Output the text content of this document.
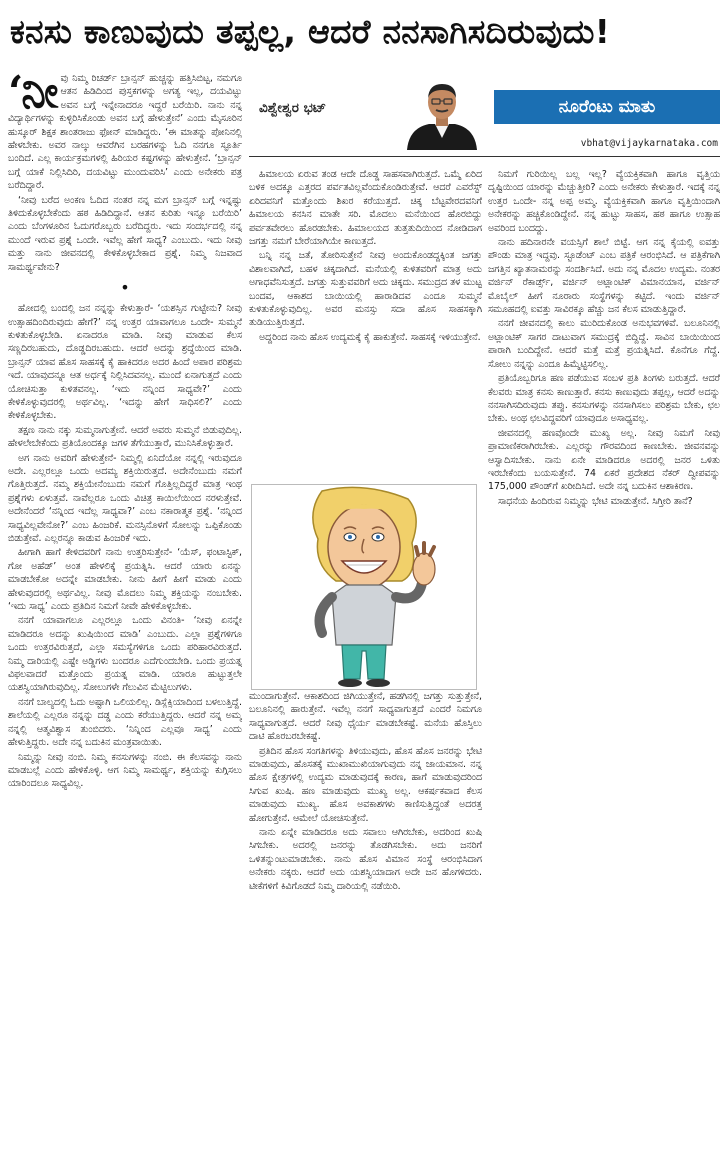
ಕನಸು ಕಾಣುವುದು ತಪ್ಪಲ್ಲ, ಆದರೆ ನನಸಾಗಿಸದಿರುವುದು!
‘ನೀ ವು ನಿಮ್ಮ ರಿಚರ್ಡ್ ಬ್ರಾನ್ಸನ್ ಹುಚ್ಚನ್ನು ಹತ್ತಿಸಿಬಿಟ್ಟ, ನಮಗೂ ಆತನ ಹಿಡಿದಿಂದ ಪುಸ್ತಕಗಳನ್ನು ಅಗತ್ಯ ಇಲ್ಲ, ದಯವಿಟ್ಟು ಅವನ ಬಗ್ಗೆ ಇನ್ನೇನಾದರೂ ಇದ್ದರೆ ಬರೆಯಿರಿ. ನಾನು ನನ್ನ ವಿದ್ಯಾರ್ಥಿಗಳನ್ನು ಕುಳ್ಳಿರಿಸಿಕೊಂಡು ಅವನ ಬಗ್ಗೆ ಹೇಳುತ್ತೇನೆ’ ಎಂದು ಮೈಸೂರಿನ ಹುಸ್ಕೂರ್ ಶಿಕ್ಷಕ ಶಾಂತರಾಜು ಫೋನ್ ಮಾಡಿದ್ದರು. ‘ಈ ಮಾತನ್ನು ಪೋನಿನಲ್ಲಿ ಹೇಳಬೇಕು. ಅವರ ನಾಲ್ಕು ಆವರೆಗಿನ ಬರಹಗಳನ್ನು ಓದಿ ನನಗೂ ಸ್ಫೂರ್ತಿ ಬಂದಿದೆ. ಎಲ್ಲ ಕಾರ್ಯಕ್ರಮಗಳಲ್ಲಿ ಹಿರಿಯರ ಕಷ್ಟಗಳನ್ನು ಹೇಳುತ್ತೇನೆ. ‘ಬ್ರಾನ್ಸನ್ ಬಗ್ಗೆ ಯಾಕೆ ನಿಲ್ಲಿಸಿದಿರಿ, ದಯವಿಟ್ಟು ಮುಂದುವರಿಸಿ’ ಎಂದು ಅನೇಕರು ಪತ್ರ ಬರೆದಿದ್ದಾರೆ.

‘ನೀವು ಬರೆದ ಅಂಕಣ ಓದಿದ ನಂತರ ನನ್ನ ಮಗ ಬ್ರಾನ್ಸನ್ ಬಗ್ಗೆ ಇನ್ನಷ್ಟು ತಿಳಿದುಕೊಳ್ಳಬೇಕೆಂದು ಹಠ ಹಿಡಿದಿದ್ದಾನೆ. ಆತನ ಕುರಿತು ಇನ್ನೂ ಬರೆಯಿರಿ’ ಎಂದು ಬೆಂಗಳೂರಿನ ಓದುಗರೊಬ್ಬರು ಬರೆದಿದ್ದರು. ಇದು ಸಂದರ್ಭದಲ್ಲಿ ನನ್ನ ಮುಂದೆ ಇರುವ ಪ್ರಶ್ನೆ ಒಂದೇ. ಇವೆಲ್ಲ ಹೇಗೆ ಸಾಧ್ಯ? ಎಂಬುದು. ಇದು ನೀವು ಮತ್ತು ನಾನು ಜೀವನದಲ್ಲಿ ಕೇಳಿಕೊಳ್ಳಬೇಕಾದ ಪ್ರಶ್ನೆ. ನಿಮ್ಮ ನಿಜವಾದ ಸಾಮರ್ಥ್ಯವೇನು?

•

ಹೋದಲ್ಲಿ ಬಂದಲ್ಲಿ ಜನ ನನ್ನನ್ನು ಕೇಳುತ್ತಾರೆ- ‘ಯಶಸ್ಸಿನ ಗುಟ್ಟೇನು? ನೀವು ಉತ್ಸಾಹದಿಂದಿರುವುದು ಹೇಗೆ?’ ನನ್ನ ಉತ್ತರ ಯಾವಾಗಲೂ ಒಂದೇ- ಸುಮ್ಮನೆ ಕುಳಿತುಕೊಳ್ಳಬೇಡಿ. ಏನಾದರೂ ಮಾಡಿ. ನೀವು ಮಾಡುವ ಕೆಲಸ ಸಣ್ಣದಿರಬಹುದು, ದೊಡ್ಡದಿರಬಹುದು. ಆದರೆ ಅದನ್ನು ಶ್ರದ್ಧೆಯಿಂದ ಮಾಡಿ. ಬ್ರಾನ್ಸನ್ ಯಾವ ಹೊಸ ಸಾಹಸಕ್ಕೆ ಕೈ ಹಾಕಿದರೂ ಅದರ ಹಿಂದೆ ಅಪಾರ ಪರಿಶ್ರಮ ಇದೆ. ಯಾವುದನ್ನೂ ಆತ ಅರ್ಧಕ್ಕೆ ನಿಲ್ಲಿಸಿದವನಲ್ಲ. ಮುಂದೆ ಏನಾಗುತ್ತದೆ ಎಂದು ಯೋಚಿಸುತ್ತಾ ಕುಳಿತವನಲ್ಲ. ‘ಇದು ನನ್ನಿಂದ ಸಾಧ್ಯವೇ?’ ಎಂದು ಕೇಳಿಕೊಳ್ಳುವುದರಲ್ಲಿ ಅರ್ಥವಿಲ್ಲ. ‘ಇದನ್ನು ಹೇಗೆ ಸಾಧಿಸಲಿ?’ ಎಂದು ಕೇಳಿಕೊಳ್ಳಬೇಕು.

ತಕ್ಷಣ ನಾನು ನಕ್ಕು ಸುಮ್ಮನಾಗುತ್ತೇನೆ. ಆದರೆ ಅವರು ಸುಮ್ಮನೆ ಬಿಡುವುದಿಲ್ಲ. ಹೇಳಲೇಬೇಕೆಂದು ಪ್ರತಿಯೊಂದಕ್ಕೂ ಜಗಳ ತೆಗೆಯುತ್ತಾರೆ, ಮುನಿಸಿಕೊಳ್ಳುತ್ತಾರೆ.

ಅಗ ನಾನು ಅವರಿಗೆ ಹೇಳುತ್ತೇನೆ- ನಿಮ್ಮಲ್ಲಿ ಏನಿದೆಯೋ ನನ್ನಲ್ಲಿ ಇರುವುದೂ ಅದೇ. ಎಲ್ಲರಲ್ಲೂ ಒಂದು ಅದಮ್ಯ ಶಕ್ತಿಯಿರುತ್ತದೆ. ಅದೇನೆಂಬುದು ನಮಗೆ ಗೊತ್ತಿರುತ್ತದೆ. ನಮ್ಮ ಶಕ್ತಿಯೇನೆಂಬುದು ನಮಗೆ ಗೊತ್ತಿಲ್ಲದಿದ್ದರೆ ಮಾತ್ರ ಇಂಥ ಪ್ರಶ್ನೆಗಳು ಏಳುತ್ತವೆ. ನಾವೆಲ್ಲರೂ ಒಂದು ವಿಚಿತ್ರ ಕಾಯಿಲೆಯಿಂದ ನರಳುತ್ತೇವೆ. ಅದೇನೆಂದರೆ ‘ನನ್ನಿಂದ ಇದೆಲ್ಲ ಸಾಧ್ಯವಾ?’ ಎಂಬ ನಕಾರಾತ್ಮಕ ಪ್ರಶ್ನೆ. ‘ನನ್ನಿಂದ ಸಾಧ್ಯವಿಲ್ಲವೇನೋ?’ ಎಂಬ ಹಿಂಜರಿಕೆ. ಮನಸ್ಸಿನೊಳಗೆ ಸೋಲನ್ನು ಒಪ್ಪಿಕೊಂಡು ಬಿಡುತ್ತೇವೆ. ಎಲ್ಲರನ್ನೂ ಕಾಡುವ ಹಿಂಜರಿಕೆ ಇದು.

ಹೀಗಾಗಿ ಹಾಗೆ ಕೇಳಿದವರಿಗೆ ನಾನು ಉತ್ತರಿಸುತ್ತೇನೆ- ‘ಯೆಸ್, ಫಂಟಾಸ್ಟಿಕ್, ಗೋ ಅಹೆಡ್’ ಅಂತ ಹೇಳಲಿಕ್ಕೆ ಪ್ರಯತ್ನಿಸಿ. ಆದರೆ ಯಾರು ಏನನ್ನು ಮಾಡಬೇಕೋ ಅದನ್ನೇ ಮಾಡಬೇಕು. ನೀನು ಹೀಗೆ ಹೀಗೆ ಮಾಡು ಎಂದು ಹೇಳುವುದರಲ್ಲಿ ಅರ್ಥವಿಲ್ಲ. ನೀವು ಮೊದಲು ನಿಮ್ಮ ಶಕ್ತಿಯನ್ನು ನಂಬಬೇಕು. ‘ಇದು ಸಾಧ್ಯ’ ಎಂದು ಪ್ರತಿದಿನ ನಿಮಗೆ ನೀವೇ ಹೇಳಿಕೊಳ್ಳಬೇಕು.

ನನಗೆ ಯಾವಾಗಲೂ ಎಲ್ಲರಲ್ಲೂ ಒಂದು ವಿನಂತಿ- ‘ನೀವು ಏನನ್ನೇ ಮಾಡಿದರೂ ಅದನ್ನು ಖುಷಿಯಿಂದ ಮಾಡಿ’ ಎಂಬುದು. ಎಲ್ಲಾ ಪ್ರಶ್ನೆಗಳಿಗೂ ಒಂದು ಉತ್ತರವಿರುತ್ತದೆ, ಎಲ್ಲಾ ಸಮಸ್ಯೆಗಳಿಗೂ ಒಂದು ಪರಿಹಾರವಿರುತ್ತದೆ. ನಿಮ್ಮ ದಾರಿಯಲ್ಲಿ ಎಷ್ಟೇ ಅಡ್ಡಿಗಳು ಬಂದರೂ ಎದೆಗುಂದಬೇಡಿ. ಒಂದು ಪ್ರಯತ್ನ ವಿಫಲವಾದರೆ ಮತ್ತೊಂದು ಪ್ರಯತ್ನ ಮಾಡಿ. ಯಾರೂ ಹುಟ್ಟುತ್ತಲೇ ಯಶಸ್ವಿಯಾಗಿರುವುದಿಲ್ಲ. ಸೋಲುಗಳೇ ಗೆಲುವಿನ ಮೆಟ್ಟಿಲುಗಳು.

ನನಗೆ ಬಾಲ್ಯದಲ್ಲಿ ಓದು ಅಷ್ಟಾಗಿ ಒಲಿಯಲಿಲ್ಲ. ಡಿಸ್ಲೆಕ್ಸಿಯಾದಿಂದ ಬಳಲುತ್ತಿದ್ದೆ. ಶಾಲೆಯಲ್ಲಿ ಎಲ್ಲರೂ ನನ್ನನ್ನು ದಡ್ಡ ಎಂದು ಕರೆಯುತ್ತಿದ್ದರು. ಆದರೆ ನನ್ನ ಅಮ್ಮ ನನ್ನಲ್ಲಿ ಆತ್ಮವಿಶ್ವಾಸ ತುಂಬಿದರು. ‘ನಿನ್ನಿಂದ ಎಲ್ಲವೂ ಸಾಧ್ಯ’ ಎಂದು ಹೇಳುತ್ತಿದ್ದರು. ಅದೇ ನನ್ನ ಬದುಕಿನ ಮಂತ್ರವಾಯಿತು.

ನಿಮ್ಮನ್ನು ನೀವು ನಂಬಿ. ನಿಮ್ಮ ಕನಸುಗಳನ್ನು ನಂಬಿ. ಈ ಕೆಲಸವನ್ನು ನಾನು ಮಾಡಬಲ್ಲೆ ಎಂದು ಹೇಳಿಕೊಳ್ಳಿ. ಆಗ ನಿಮ್ಮ ಸಾಮರ್ಥ್ಯ, ಶಕ್ತಿಯನ್ನು ಕುಗ್ಗಿಸಲು ಯಾರಿಂದಲೂ ಸಾಧ್ಯವಿಲ್ಲ.

ವಿಶ್ವೇಶ್ವರ ಭಟ್	ನೂರೆಂಟು ಮಾತು
vbhat@vijaykarnataka.com

ಹಿಮಾಲಯ ಏರುವ ತಂಡ ಆದೇ ದೊಡ್ಡ ಸಾಹಸವಾಗಿರುತ್ತದೆ. ಒಮ್ಮೆ ಏರಿದ ಬಳಿಕ ಅದಕ್ಕೂ ಎತ್ತರದ ಪರ್ವತವಿಲ್ಲವೆಂದುಕೊಂಡಿರುತ್ತೇವೆ. ಆದರೆ ಎವರೆಸ್ಟ್ ಏರಿದವನಿಗೆ ಮತ್ತೊಂದು ಶಿಖರ ಕರೆಯುತ್ತದೆ. ಚಿಕ್ಕ ಬೆಟ್ಟವೇರದವನಿಗೆ ಹಿಮಾಲಯ ಕನಸಿನ ಮಾತೇ ಸರಿ. ಮೊದಲು ಮನೆಯಿಂದ ಹೊರಬಿದ್ದು ಪರ್ವತವೇರಲು ಹೊರಡಬೇಕು. ಹಿಮಾಲಯದ ತುತ್ತತುದಿಯಿಂದ ನೋಡಿದಾಗ ಜಗತ್ತು ನಮಗೆ ಬೇರೆಯಾಗಿಯೇ ಕಾಣುತ್ತದೆ.

ಬನ್ನಿ ನನ್ನ ಜತೆ, ತೋರಿಸುತ್ತೇನೆ ನೀವು ಅಂದುಕೊಂಡದ್ದಕ್ಕಿಂತ ಜಗತ್ತು ವಿಶಾಲವಾಗಿದೆ, ಬಹಳ ಚಿಕ್ಕದಾಗಿದೆ. ಮನೆಯಲ್ಲಿ ಕುಳಿತವರಿಗೆ ಮಾತ್ರ ಅದು ಅಗಾಧವೆನಿಸುತ್ತದೆ. ಜಗತ್ತು ಸುತ್ತುವವರಿಗೆ ಅದು ಚಿಕ್ಕದು. ಸಮುದ್ರದ ತಳ ಮುಟ್ಟ ಬಂದವ, ಆಕಾಶದ ಬಾಯಿಯಲ್ಲಿ ಹಾರಾಡಿದವ ಎಂದೂ ಸುಮ್ಮನೆ ಕುಳಿತುಕೊಳ್ಳುವುದಿಲ್ಲ. ಅವರ ಮನಸ್ಸು ಸದಾ ಹೊಸ ಸಾಹಸಕ್ಕಾಗಿ ತುಡಿಯುತ್ತಿರುತ್ತದೆ.

ಅದ್ದರಿಂದ ನಾನು ಹೊಸ ಉದ್ಯಮಕ್ಕೆ ಕೈ ಹಾಕುತ್ತೇನೆ. ಸಾಹಸಕ್ಕೆ ಇಳಿಯುತ್ತೇನೆ.

ಮುಂದಾಗುತ್ತೇನೆ. ಆಕಾಶದಿಂದ ಜಿಗಿಯುತ್ತೇನೆ, ಹಡಗಿನಲ್ಲಿ ಜಗತ್ತು ಸುತ್ತುತ್ತೇನೆ, ಬಲೂನಿನಲ್ಲಿ ಹಾರುತ್ತೇನೆ. ಇವೆಲ್ಲ ನನಗೆ ಸಾಧ್ಯವಾಗುತ್ತದೆ ಎಂದರೆ ನಿಮಗೂ ಸಾಧ್ಯವಾಗುತ್ತದೆ. ಆದರೆ ನೀವು ಧೈರ್ಯ ಮಾಡಬೇಕಷ್ಟೆ. ಮನೆಯ ಹೊಸ್ತಿಲು ದಾಟಿ ಹೊರಬರಬೇಕಷ್ಟೆ.

ಪ್ರತಿದಿನ ಹೊಸ ಸಂಗತಿಗಳನ್ನು ತಿಳಿಯುವುದು, ಹೊಸ ಹೊಸ ಜನರನ್ನು ಭೇಟಿ ಮಾಡುವುದು, ಹೊಸತಕ್ಕೆ ಮುಖಾಮುಖಿಯಾಗುವುದು ನನ್ನ ಜಾಯಮಾನ. ನನ್ನ ಹೊಸ ಕ್ಷೇತ್ರಗಳಲ್ಲಿ ಉದ್ಯಮ ಮಾಡುವುದಕ್ಕೆ ಕಾರಣ, ಹಾಗೆ ಮಾಡುವುದರಿಂದ ಸಿಗುವ ಖುಷಿ. ಹಣ ಮಾಡುವುದು ಮುಖ್ಯ ಅಲ್ಲ. ಆಕರ್ಷಕವಾದ ಕೆಲಸ ಮಾಡುವುದು ಮುಖ್ಯ. ಹೊಸ ಅವಕಾಶಗಳು ಕಾಣಿಸುತ್ತಿದ್ದಂತೆ ಅದರತ್ತ ಹೋಗುತ್ತೇನೆ. ಆಮೇಲೆ ಯೋಚಿಸುತ್ತೇನೆ.

ನಾನು ಏನ್ನೇ ಮಾಡಿದರೂ ಅದು ಸವಾಲು ಆಗಿರಬೇಕು, ಅದರಿಂದ ಖುಷಿ ಸಿಗಬೇಕು. ಅದರಲ್ಲಿ ಜನರನ್ನು ತೊಡಗಿಸಬೇಕು. ಅದು ಜನರಿಗೆ ಒಳಿತನ್ನುಂಟುಮಾಡಬೇಕು. ನಾನು ಹೊಸ ವಿಮಾನ ಸಂಸ್ಥೆ ಆರಂಭಿಸಿದಾಗ ಅನೇಕರು ನಕ್ಕರು. ಆದರೆ ಅದು ಯಶಸ್ವಿಯಾದಾಗ ಅದೇ ಜನ ಹೊಗಳಿದರು. ಟೀಕೆಗಳಿಗೆ ಕಿವಿಗೊಡದೆ ನಿಮ್ಮ ದಾರಿಯಲ್ಲಿ ನಡೆಯಿರಿ.

ನಿಮಗೆ ಗುರಿಯಿಲ್ಲ ಬಲ್ಲ ಇಲ್ಲ? ವ್ಯೆಯಕ್ತಿಕವಾಗಿ ಹಾಗೂ ವೃತ್ತಿಯ ದೃಷ್ಟಿಯಿಂದ ಯಾರನ್ನು ಮೆಚ್ಚುತ್ತೀರಿ? ಎಂದು ಅನೇಕರು ಕೇಳುತ್ತಾರೆ. ಇದಕ್ಕೆ ನನ್ನ ಉತ್ತರ ಒಂದೇ- ನನ್ನ ಅಪ್ಪ ಅಮ್ಮ. ವ್ಯೆಯಕ್ತಿಕವಾಗಿ ಹಾಗೂ ವೃತ್ತಿಯಿಂದಾಗಿ ಅನೇಕರನ್ನು ಹಚ್ಚಿಕೊಂಡಿದ್ದೇನೆ. ನನ್ನ ಹುಟ್ಟು ಸಾಹಸ, ಹಠ ಹಾಗೂ ಉತ್ಸಾಹ ಅವರಿಂದ ಬಂದದ್ದು.

ನಾನು ಹದಿನಾರನೇ ವಯಸ್ಸಿಗೆ ಶಾಲೆ ಬಿಟ್ಟೆ. ಆಗ ನನ್ನ ಕೈಯಲ್ಲಿ ಐವತ್ತು ಪೌಂಡು ಮಾತ್ರ ಇದ್ದವು. ಸ್ಟೂಡೆಂಟ್ ಎಂಬ ಪತ್ರಿಕೆ ಆರಂಭಿಸಿದೆ. ಆ ಪತ್ರಿಕೆಗಾಗಿ ಜಗತ್ತಿನ ಖ್ಯಾತನಾಮರನ್ನು ಸಂದರ್ಶಿಸಿದೆ. ಅದು ನನ್ನ ಮೊದಲ ಉದ್ಯಮ. ನಂತರ ವರ್ಜಿನ್ ರೆಕಾರ್ಡ್ಸ್, ವರ್ಜಿನ್ ಅಟ್ಲಾಂಟಿಕ್ ವಿಮಾನಯಾನ, ವರ್ಜಿನ್ ಮೊಬೈಲ್ ಹೀಗೆ ನೂರಾರು ಸಂಸ್ಥೆಗಳನ್ನು ಕಟ್ಟಿದೆ. ಇಂದು ವರ್ಜಿನ್ ಸಮೂಹದಲ್ಲಿ ಐವತ್ತು ಸಾವಿರಕ್ಕೂ ಹೆಚ್ಚು ಜನ ಕೆಲಸ ಮಾಡುತ್ತಿದ್ದಾರೆ.

ನನಗೆ ಜೀವನದಲ್ಲಿ ಕಾಲು ಮುರಿದುಕೊಂಡ ಅನುಭವಗಳಿವೆ. ಬಲೂನಿನಲ್ಲಿ ಅಟ್ಲಾಂಟಿಕ್ ಸಾಗರ ದಾಟುವಾಗ ಸಮುದ್ರಕ್ಕೆ ಬಿದ್ದಿದ್ದೆ. ಸಾವಿನ ಬಾಯಿಯಿಂದ ಪಾರಾಗಿ ಬಂದಿದ್ದೇನೆ. ಆದರೆ ಮತ್ತೆ ಮತ್ತೆ ಪ್ರಯತ್ನಿಸಿದೆ. ಕೊನೆಗೂ ಗೆದ್ದೆ. ಸೋಲು ನನ್ನನ್ನು ಎಂದೂ ಹಿಮ್ಮೆಟ್ಟಿಸಲಿಲ್ಲ.

ಪ್ರತಿಯೊಬ್ಬರಿಗೂ ಹಣ ಪಡೆಯುವ ಸಂಬಳ ಪ್ರತಿ ತಿಂಗಳು ಬರುತ್ತದೆ. ಆದರೆ ಕೆಲವರು ಮಾತ್ರ ಕನಸು ಕಾಣುತ್ತಾರೆ. ಕನಸು ಕಾಣುವುದು ತಪ್ಪಲ್ಲ, ಆದರೆ ಅದನ್ನು ನನಸಾಗಿಸದಿರುವುದು ತಪ್ಪು. ಕನಸುಗಳನ್ನು ನನಸಾಗಿಸಲು ಪರಿಶ್ರಮ ಬೇಕು, ಛಲ ಬೇಕು. ಅಂಥ ಛಲವಿದ್ದವರಿಗೆ ಯಾವುದೂ ಅಸಾಧ್ಯವಲ್ಲ.

ಜೀವನದಲ್ಲಿ ಹಣವೊಂದೇ ಮುಖ್ಯ ಅಲ್ಲ. ನೀವು ನಿಮಗೆ ನೀವು ಪ್ರಾಮಾಣಿಕರಾಗಿರಬೇಕು. ಎಲ್ಲರನ್ನು ಗೌರವದಿಂದ ಕಾಣಬೇಕು. ಜೀವನವನ್ನು ಆಸ್ವಾದಿಸಬೇಕು. ನಾನು ಏನೇ ಮಾಡಿದರೂ ಅದರಲ್ಲಿ ಜನರ ಒಳಿತು ಇರಬೇಕೆಂದು ಬಯಸುತ್ತೇನೆ. 74 ಏಕರೆ ಪ್ರದೇಶದ ನೆಕರ್ ದ್ವೀಪವನ್ನು 175,000 ಪೌಂಡ್‌ಗೆ ಖರೀದಿಸಿದೆ. ಅದೇ ನನ್ನ ಬದುಕಿನ ಆಶಾಕಿರಣ.

ಸಾಧನೆಯ ಹಿಂದಿರುವ ನಿಮ್ಮನ್ನು ಭೇಟಿ ಮಾಡುತ್ತೇನೆ. ಸಿಗ್ತೀರಿ ತಾನೆ?
